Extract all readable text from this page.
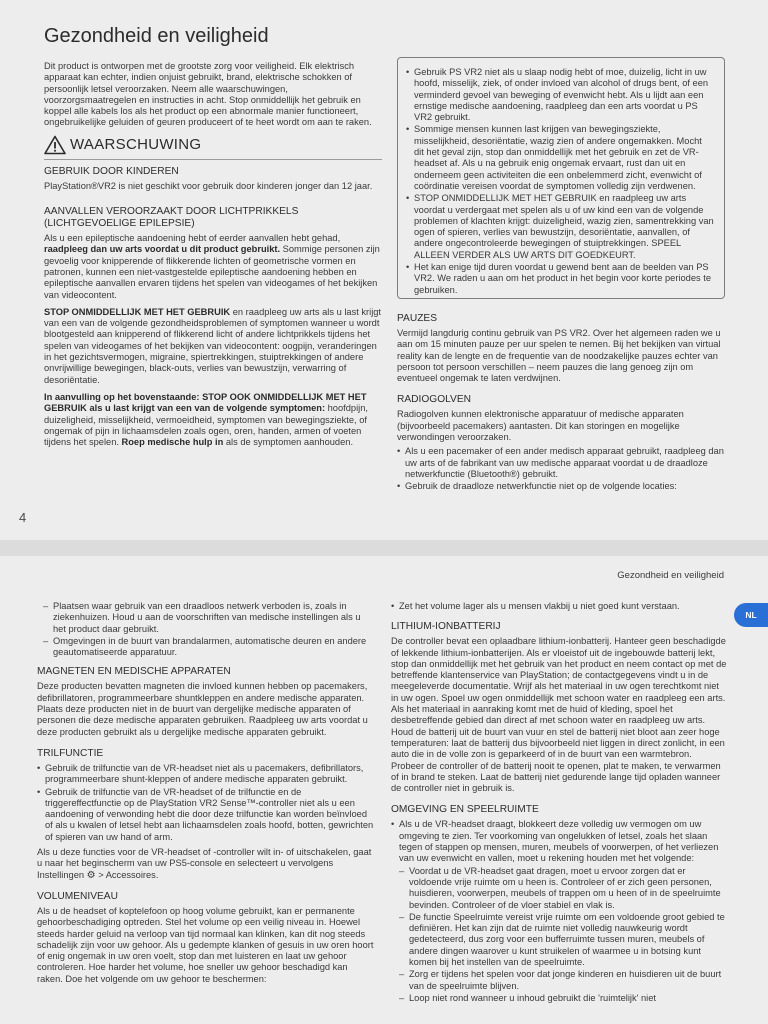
Gezondheid en veiligheid

Dit product is ontworpen met de grootste zorg voor veiligheid. Elk elektrisch apparaat kan echter, indien onjuist gebruikt, brand, elektrische schokken of persoonlijk letsel veroorzaken. Neem alle waarschuwingen, voorzorgsmaatregelen en instructies in acht. Stop onmiddellijk het gebruik en koppel alle kabels los als het product op een abnormale manier functioneert, ongebruikelijke geluiden of geuren produceert of te heet wordt om aan te raken.

WAARSCHUWING
GEBRUIK DOOR KINDEREN

PlayStation®VR2 is niet geschikt voor gebruik door kinderen jonger dan 12 jaar.

AANVALLEN VEROORZAAKT DOOR LICHTPRIKKELS (LICHTGEVOELIGE EPILEPSIE)

Als u een epileptische aandoening hebt of eerder aanvallen hebt gehad, raadpleeg dan uw arts voordat u dit product gebruikt. Sommige personen zijn gevoelig voor knipperende of flikkerende lichten of geometrische vormen en patronen, kunnen een niet-vastgestelde epileptische aandoening hebben en epileptische aanvallen ervaren tijdens het spelen van videogames of het bekijken van videocontent.

STOP ONMIDDELLIJK MET HET GEBRUIK en raadpleeg uw arts als u last krijgt van een van de volgende gezondheidsproblemen of symptomen wanneer u wordt blootgesteld aan knipperend of flikkerend licht of andere lichtprikkels tijdens het spelen van videogames of het bekijken van videocontent: oogpijn, veranderingen in het gezichtsvermogen, migraine, spiertrekkingen, stuiptrekkingen of andere onvrijwillige bewegingen, black-outs, verlies van bewustzijn, verwarring of desoriëntatie.

In aanvulling op het bovenstaande: STOP OOK ONMIDDELLIJK MET HET GEBRUIK als u last krijgt van een van de volgende symptomen: hoofdpijn, duizeligheid, misselijkheid, vermoeidheid, symptomen van bewegingsziekte, of ongemak of pijn in lichaamsdelen zoals ogen, oren, handen, armen of voeten tijdens het spelen. Roep medische hulp in als de symptomen aanhouden.

• Gebruik PS VR2 niet als u slaap nodig hebt of moe, duizelig, licht in uw hoofd, misselijk, ziek, of onder invloed van alcohol of drugs bent, of een verminderd gevoel van beweging of evenwicht hebt. Als u lijdt aan een ernstige medische aandoening, raadpleeg dan een arts voordat u PS VR2 gebruikt.
• Sommige mensen kunnen last krijgen van bewegingsziekte, misselijkheid, desoriëntatie, wazig zien of andere ongemakken. Mocht dit het geval zijn, stop dan onmiddellijk met het gebruik en zet de VR-headset af. Als u na gebruik enig ongemak ervaart, rust dan uit en onderneem geen activiteiten die een onbelemmerd zicht, evenwicht of coördinatie vereisen voordat de symptomen volledig zijn verdwenen.
• STOP ONMIDDELLIJK MET HET GEBRUIK en raadpleeg uw arts voordat u verdergaat met spelen als u of uw kind een van de volgende problemen of klachten krijgt: duizeligheid, wazig zien, samentrekking van ogen of spieren, verlies van bewustzijn, desoriëntatie, aanvallen, of andere ongecontroleerde bewegingen of stuiptrekkingen. SPEEL ALLEEN VERDER ALS UW ARTS DIT GOEDKEURT.
• Het kan enige tijd duren voordat u gewend bent aan de beelden van PS VR2. We raden u aan om het product in het begin voor korte periodes te gebruiken.
PAUZES

Vermijd langdurig continu gebruik van PS VR2. Over het algemeen raden we u aan om 15 minuten pauze per uur spelen te nemen. Bij het bekijken van virtual reality kan de lengte en de frequentie van de noodzakelijke pauzes echter van persoon tot persoon verschillen – neem pauzes die lang genoeg zijn om eventueel ongemak te laten verdwijnen.

RADIOGOLVEN

Radiogolven kunnen elektronische apparatuur of medische apparaten (bijvoorbeeld pacemakers) aantasten. Dit kan storingen en mogelijke verwondingen veroorzaken.

• Als u een pacemaker of een ander medisch apparaat gebruikt, raadpleeg dan uw arts of de fabrikant van uw medische apparaat voordat u de draadloze netwerkfunctie (Bluetooth®) gebruikt.
• Gebruik de draadloze netwerkfunctie niet op de volgende locaties:
4
Gezondheid en veiligheid
NL
– Plaatsen waar gebruik van een draadloos netwerk verboden is, zoals in ziekenhuizen. Houd u aan de voorschriften van medische instellingen als u het product daar gebruikt.
– Omgevingen in de buurt van brandalarmen, automatische deuren en andere geautomatiseerde apparatuur.
MAGNETEN EN MEDISCHE APPARATEN

Deze producten bevatten magneten die invloed kunnen hebben op pacemakers, defibrillatoren, programmeerbare shuntkleppen en andere medische apparaten. Plaats deze producten niet in de buurt van dergelijke medische apparaten of personen die deze medische apparaten gebruiken. Raadpleeg uw arts voordat u deze producten gebruikt als u dergelijke medische apparaten gebruikt.

TRILFUNCTIE
• Gebruik de trilfunctie van de VR-headset niet als u pacemakers, defibrillators, programmeerbare shunt-kleppen of andere medische apparaten gebruikt.
• Gebruik de trilfunctie van de VR-headset of de trilfunctie en de triggereffectfunctie op de PlayStation VR2 Sense™-controller niet als u een aandoening of verwonding hebt die door deze trilfunctie kan worden beïnvloed of als u kwalen of letsel hebt aan lichaamsdelen zoals hoofd, botten, gewrichten of spieren van uw hand of arm.

Als u deze functies voor de VR-headset of -controller wilt in- of uitschakelen, gaat u naar het beginscherm van uw PS5-console en selecteert u vervolgens Instellingen ⚙ > Accessoires.

VOLUMENIVEAU

Als u de headset of koptelefoon op hoog volume gebruikt, kan er permanente gehoorbeschadiging optreden. Stel het volume op een veilig niveau in. Hoewel steeds harder geluid na verloop van tijd normaal kan klinken, kan dit nog steeds schadelijk zijn voor uw gehoor. Als u gedempte klanken of gesuis in uw oren hoort of enig ongemak in uw oren voelt, stop dan met luisteren en laat uw gehoor controleren. Hoe harder het volume, hoe sneller uw gehoor beschadigd kan raken. Doe het volgende om uw gehoor te beschermen:

• Zet het volume lager als u mensen vlakbij u niet goed kunt verstaan.
LITHIUM-IONBATTERIJ

De controller bevat een oplaadbare lithium-ionbatterij. Hanteer geen beschadigde of lekkende lithium-ionbatterijen. Als er vloeistof uit de ingebouwde batterij lekt, stop dan onmiddellijk met het gebruik van het product en neem contact op met de betreffende klantenservice van PlayStation; de contactgegevens vindt u in de meegeleverde documentatie. Wrijf als het materiaal in uw ogen terechtkomt niet in uw ogen. Spoel uw ogen onmiddellijk met schoon water en raadpleeg een arts. Als het materiaal in aanraking komt met de huid of kleding, spoel het desbetreffende gebied dan direct af met schoon water en raadpleeg uw arts. Houd de batterij uit de buurt van vuur en stel de batterij niet bloot aan zeer hoge temperaturen: laat de batterij dus bijvoorbeeld niet liggen in direct zonlicht, in een auto die in de volle zon is geparkeerd of in de buurt van een warmtebron. Probeer de controller of de batterij nooit te openen, plat te maken, te verwarmen of in brand te steken. Laat de batterij niet gedurende lange tijd opladen wanneer de controller niet in gebruik is.

OMGEVING EN SPEELRUIMTE
• Als u de VR-headset draagt, blokkeert deze volledig uw vermogen om uw omgeving te zien. Ter voorkoming van ongelukken of letsel, zoals het slaan tegen of stappen op mensen, muren, meubels of voorwerpen, of het verliezen van uw evenwicht en vallen, moet u rekening houden met het volgende:
– Voordat u de VR-headset gaat dragen, moet u ervoor zorgen dat er voldoende vrije ruimte om u heen is. Controleer of er zich geen personen, huisdieren, voorwerpen, meubels of trappen om u heen of in de speelruimte bevinden. Controleer of de vloer stabiel en vlak is.
– De functie Speelruimte vereist vrije ruimte om een voldoende groot gebied te definiëren. Het kan zijn dat de ruimte niet volledig nauwkeurig wordt gedetecteerd, dus zorg voor een bufferruimte tussen muren, meubels of andere dingen waarover u kunt struikelen of waarmee u in botsing kunt komen bij het instellen van de speelruimte.
– Zorg er tijdens het spelen voor dat jonge kinderen en huisdieren uit de buurt van de speelruimte blijven.
– Loop niet rond wanneer u inhoud gebruikt die 'ruimtelijk' niet
